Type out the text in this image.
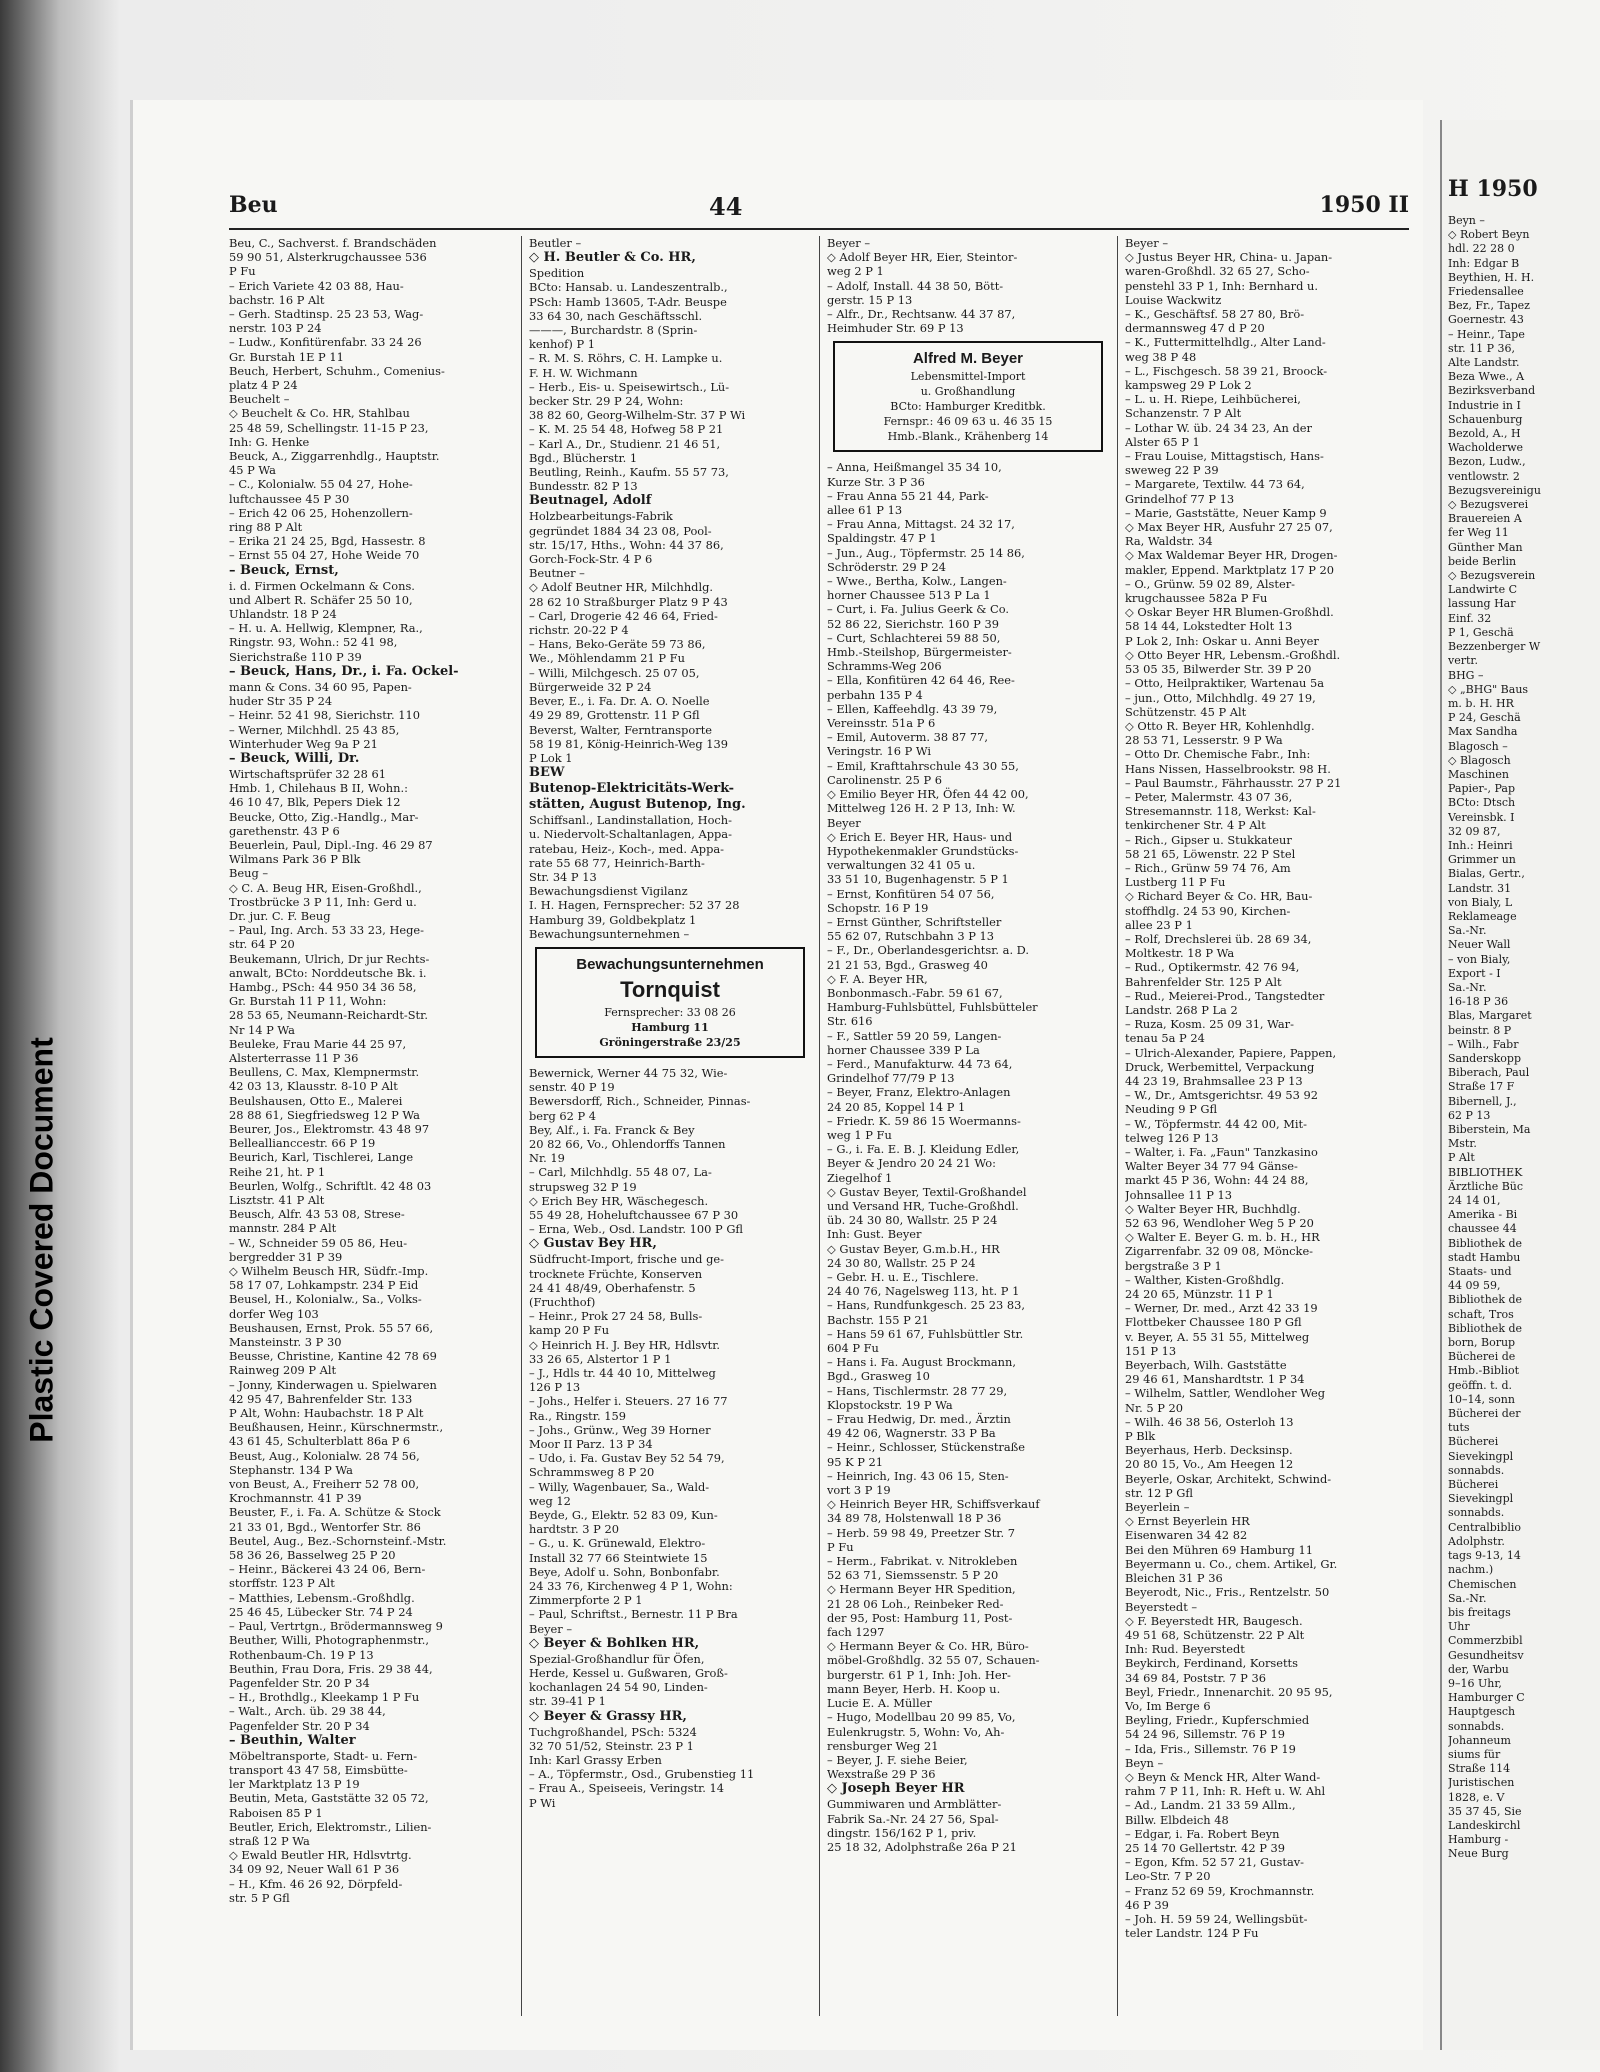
Plastic Covered Document
Beu	44	1950 II
Beu, C., Sachverst. f. Brandschäden
59 90 51, Alsterkrugchaussee 536
P Fu
– Erich Variete 42 03 88, Hau-
bachstr. 16 P Alt
– Gerh. Stadtinsp. 25 23 53, Wag-
nerstr. 103 P 24
– Ludw., Konfitürenfabr. 33 24 26
Gr. Burstah 1E P 11
Beuch, Herbert, Schuhm., Comenius-
platz 4 P 24
Beuchelt –
◇ Beuchelt & Co. HR, Stahlbau
25 48 59, Schellingstr. 11-15 P 23,
Inh: G. Henke
Beuck, A., Ziggarrenhdlg., Hauptstr.
45 P Wa
– C., Kolonialw. 55 04 27, Hohe-
luftchaussee 45 P 30
– Erich 42 06 25, Hohenzollern-
ring 88 P Alt
– Erika 21 24 25, Bgd, Hassestr. 8
– Ernst 55 04 27, Hohe Weide 70
– Beuck, Ernst,
i. d. Firmen Ockelmann & Cons.
und Albert R. Schäfer 25 50 10,
Uhlandstr. 18 P 24
– H. u. A. Hellwig, Klempner, Ra.,
Ringstr. 93, Wohn.: 52 41 98,
Sierichstraße 110 P 39
– Beuck, Hans, Dr., i. Fa. Ockel-
mann & Cons. 34 60 95, Papen-
huder Str 35 P 24
– Heinr. 52 41 98, Sierichstr. 110
– Werner, Milchhdl. 25 43 85,
Winterhuder Weg 9a P 21
– Beuck, Willi, Dr.
Wirtschaftsprüfer 32 28 61
Hmb. 1, Chilehaus B II, Wohn.:
46 10 47, Blk, Pepers Diek 12
Beucke, Otto, Zig.-Handlg., Mar-
garethenstr. 43 P 6
Beuerlein, Paul, Dipl.-Ing. 46 29 87
Wilmans Park 36 P Blk
Beug –
◇ C. A. Beug HR, Eisen-Großhdl.,
Trostbrücke 3 P 11, Inh: Gerd u.
Dr. jur. C. F. Beug
– Paul, Ing. Arch. 53 33 23, Hege-
str. 64 P 20
Beukemann, Ulrich, Dr jur Rechts-
anwalt, BCto: Norddeutsche Bk. i.
Hambg., PSch: 44 950 34 36 58,
Gr. Burstah 11 P 11, Wohn:
28 53 65, Neumann-Reichardt-Str.
Nr 14 P Wa
Beuleke, Frau Marie 44 25 97,
Alsterterrasse 11 P 36
Beullens, C. Max, Klempnermstr.
42 03 13, Klausstr. 8-10 P Alt
Beulshausen, Otto E., Malerei
28 88 61, Siegfriedsweg 12 P Wa
Beurer, Jos., Elektromstr. 43 48 97
Belleallianccestr. 66 P 19
Beurich, Karl, Tischlerei, Lange
Reihe 21, ht. P 1
Beurlen, Wolfg., Schriftlt. 42 48 03
Lisztstr. 41 P Alt
Beusch, Alfr. 43 53 08, Strese-
mannstr. 284 P Alt
– W., Schneider 59 05 86, Heu-
bergredder 31 P 39
◇ Wilhelm Beusch HR, Südfr.-Imp.
58 17 07, Lohkampstr. 234 P Eid
Beusel, H., Kolonialw., Sa., Volks-
dorfer Weg 103
Beushausen, Ernst, Prok. 55 57 66,
Mansteinstr. 3 P 30
Beusse, Christine, Kantine 42 78 69
Rainweg 209 P Alt
– Jonny, Kinderwagen u. Spielwaren
42 95 47, Bahrenfelder Str. 133
P Alt, Wohn: Haubachstr. 18 P Alt
Beußhausen, Heinr., Kürschnermstr.,
43 61 45, Schulterblatt 86a P 6
Beust, Aug., Kolonialw. 28 74 56,
Stephanstr. 134 P Wa
von Beust, A., Freiherr 52 78 00,
Krochmannstr. 41 P 39
Beuster, F., i. Fa. A. Schütze & Stock
21 33 01, Bgd., Wentorfer Str. 86
Beutel, Aug., Bez.-Schornsteinf.-Mstr.
58 36 26, Basselweg 25 P 20
– Heinr., Bäckerei 43 24 06, Bern-
storffstr. 123 P Alt
– Matthies, Lebensm.-Großhdlg.
25 46 45, Lübecker Str. 74 P 24
– Paul, Vertrtgn., Brödermannsweg 9
Beuther, Willi, Photographenmstr.,
Rothenbaum-Ch. 19 P 13
Beuthin, Frau Dora, Fris. 29 38 44,
Pagenfelder Str. 20 P 34
– H., Brothdlg., Kleekamp 1 P Fu
– Walt., Arch. üb. 29 38 44,
Pagenfelder Str. 20 P 34
– Beuthin, Walter
Möbeltransporte, Stadt- u. Fern-
transport 43 47 58, Eimsbütte-
ler Marktplatz 13 P 19
Beutin, Meta, Gaststätte 32 05 72,
Raboisen 85 P 1
Beutler, Erich, Elektromstr., Lilien-
straß 12 P Wa
◇ Ewald Beutler HR, Hdlsvtrtg.
34 09 92, Neuer Wall 61 P 36
– H., Kfm. 46 26 92, Dörpfeld-
str. 5 P Gfl
Beutler –
◇ H. Beutler & Co. HR,
Spedition
BCto: Hansab. u. Landeszentralb.,
PSch: Hamb 13605, T-Adr. Beuspe
33 64 30, nach Geschäftsschl.
———, Burchardstr. 8 (Sprin-
kenhof) P 1
– R. M. S. Röhrs, C. H. Lampke u.
F. H. W. Wichmann
– Herb., Eis- u. Speisewirtsch., Lü-
becker Str. 29 P 24, Wohn:
38 82 60, Georg-Wilhelm-Str. 37 P Wi
– K. M. 25 54 48, Hofweg 58 P 21
– Karl A., Dr., Studienr. 21 46 51,
Bgd., Blücherstr. 1
Beutling, Reinh., Kaufm. 55 57 73,
Bundesstr. 82 P 13
Beutnagel, Adolf
Holzbearbeitungs-Fabrik
gegründet 1884 34 23 08, Pool-
str. 15/17, Hths., Wohn: 44 37 86,
Gorch-Fock-Str. 4 P 6
Beutner –
◇ Adolf Beutner HR, Milchhdlg.
28 62 10 Straßburger Platz 9 P 43
– Carl, Drogerie 42 46 64, Fried-
richstr. 20-22 P 4
– Hans, Beko-Geräte 59 73 86,
We., Möhlendamm 21 P Fu
– Willi, Milchgesch. 25 07 05,
Bürgerweide 32 P 24
Bever, E., i. Fa. Dr. A. O. Noelle
49 29 89, Grottenstr. 11 P Gfl
Beverst, Walter, Ferntransporte
58 19 81, König-Heinrich-Weg 139
P Lok 1
BEW
Butenop-Elektricitäts-Werk-
stätten, August Butenop, Ing.
Schiffsanl., Landinstallation, Hoch-
u. Niedervolt-Schaltanlagen, Appa-
ratebau, Heiz-, Koch-, med. Appa-
rate 55 68 77, Heinrich-Barth-
Str. 34 P 13
Bewachungsdienst Vigilanz
I. H. Hagen, Fernsprecher: 52 37 28
Hamburg 39, Goldbekplatz 1
Bewachungsunternehmen –
Bewachungsunternehmen
Tornquist
Fernsprecher: 33 08 26
Hamburg 11
Gröningerstraße 23/25
Bewernick, Werner 44 75 32, Wie-
senstr. 40 P 19
Bewersdorff, Rich., Schneider, Pinnas-
berg 62 P 4
Bey, Alf., i. Fa. Franck & Bey
20 82 66, Vo., Ohlendorffs Tannen
Nr. 19
– Carl, Milchhdlg. 55 48 07, La-
strupsweg 32 P 19
◇ Erich Bey HR, Wäschegesch.
55 49 28, Hoheluftchaussee 67 P 30
– Erna, Web., Osd. Landstr. 100 P Gfl
◇ Gustav Bey HR,
Südfrucht-Import, frische und ge-
trocknete Früchte, Konserven
24 41 48/49, Oberhafenstr. 5
(Fruchthof)
– Heinr., Prok 27 24 58, Bulls-
kamp 20 P Fu
◇ Heinrich H. J. Bey HR, Hdlsvtr.
33 26 65, Alstertor 1 P 1
– J., Hdls tr. 44 40 10, Mittelweg
126 P 13
– Johs., Helfer i. Steuers. 27 16 77
Ra., Ringstr. 159
– Johs., Grünw., Weg 39 Horner
Moor II Parz. 13 P 34
– Udo, i. Fa. Gustav Bey 52 54 79,
Schrammsweg 8 P 20
– Willy, Wagenbauer, Sa., Wald-
weg 12
Beyde, G., Elektr. 52 83 09, Kun-
hardtstr. 3 P 20
– G., u. K. Grünewald, Elektro-
Install 32 77 66 Steintwiete 15
Beye, Adolf u. Sohn, Bonbonfabr.
24 33 76, Kirchenweg 4 P 1, Wohn:
Zimmerpforte 2 P 1
– Paul, Schriftst., Bernestr. 11 P Bra
Beyer –
◇ Beyer & Bohlken HR,
Spezial-Großhandlur für Öfen,
Herde, Kessel u. Gußwaren, Groß-
kochanlagen 24 54 90, Linden-
str. 39-41 P 1
◇ Beyer & Grassy HR,
Tuchgroßhandel, PSch: 5324
32 70 51/52, Steinstr. 23 P 1
Inh: Karl Grassy Erben
– A., Töpfermstr., Osd., Grubenstieg 11
– Frau A., Speiseeis, Veringstr. 14
P Wi
Beyer –
◇ Adolf Beyer HR, Eier, Steintor-
weg 2 P 1
– Adolf, Install. 44 38 50, Bött-
gerstr. 15 P 13
– Alfr., Dr., Rechtsanw. 44 37 87,
Heimhuder Str. 69 P 13
Alfred M. Beyer
Lebensmittel-Import
u. Großhandlung
BCto: Hamburger Kreditbk.
Fernspr.: 46 09 63 u. 46 35 15
Hmb.-Blank., Krähenberg 14
– Anna, Heißmangel 35 34 10,
Kurze Str. 3 P 36
– Frau Anna 55 21 44, Park-
allee 61 P 13
– Frau Anna, Mittagst. 24 32 17,
Spaldingstr. 47 P 1
– Jun., Aug., Töpfermstr. 25 14 86,
Schröderstr. 29 P 24
– Wwe., Bertha, Kolw., Langen-
horner Chaussee 513 P La 1
– Curt, i. Fa. Julius Geerk & Co.
52 86 22, Sierichstr. 160 P 39
– Curt, Schlachterei 59 88 50,
Hmb.-Steilshop, Bürgermeister-
Schramms-Weg 206
– Ella, Konfitüren 42 64 46, Ree-
perbahn 135 P 4
– Ellen, Kaffeehdlg. 43 39 79,
Vereinsstr. 51a P 6
– Emil, Autoverm. 38 87 77,
Veringstr. 16 P Wi
– Emil, Krafttahrschule 43 30 55,
Carolinenstr. 25 P 6
◇ Emilio Beyer HR, Öfen 44 42 00,
Mittelweg 126 H. 2 P 13, Inh: W.
Beyer
◇ Erich E. Beyer HR, Haus- und
Hypothekenmakler Grundstücks-
verwaltungen 32 41 05 u.
33 51 10, Bugenhagenstr. 5 P 1
– Ernst, Konfitüren 54 07 56,
Schopstr. 16 P 19
– Ernst Günther, Schriftsteller
55 62 07, Rutschbahn 3 P 13
– F., Dr., Oberlandesgerichtsr. a. D.
21 21 53, Bgd., Grasweg 40
◇ F. A. Beyer HR,
Bonbonmasch.-Fabr. 59 61 67,
Hamburg-Fuhlsbüttel, Fuhlsbütteler
Str. 616
– F., Sattler 59 20 59, Langen-
horner Chaussee 339 P La
– Ferd., Manufakturw. 44 73 64,
Grindelhof 77/79 P 13
– Beyer, Franz, Elektro-Anlagen
24 20 85, Koppel 14 P 1
– Friedr. K. 59 86 15 Woermanns-
weg 1 P Fu
– G., i. Fa. E. B. J. Kleidung Edler,
Beyer & Jendro 20 24 21 Wo:
Ziegelhof 1
◇ Gustav Beyer, Textil-Großhandel
und Versand HR, Tuche-Großhdl.
üb. 24 30 80, Wallstr. 25 P 24
Inh: Gust. Beyer
◇ Gustav Beyer, G.m.b.H., HR
24 30 80, Wallstr. 25 P 24
– Gebr. H. u. E., Tischlere.
24 40 76, Nagelsweg 113, ht. P 1
– Hans, Rundfunkgesch. 25 23 83,
Bachstr. 155 P 21
– Hans 59 61 67, Fuhlsbüttler Str.
604 P Fu
– Hans i. Fa. August Brockmann,
Bgd., Grasweg 10
– Hans, Tischlermstr. 28 77 29,
Klopstockstr. 19 P Wa
– Frau Hedwig, Dr. med., Ärztin
49 42 06, Wagnerstr. 33 P Ba
– Heinr., Schlosser, Stückenstraße
95 K P 21
– Heinrich, Ing. 43 06 15, Sten-
vort 3 P 19
◇ Heinrich Beyer HR, Schiffsverkauf
34 89 78, Holstenwall 18 P 36
– Herb. 59 98 49, Preetzer Str. 7
P Fu
– Herm., Fabrikat. v. Nitrokleben
52 63 71, Siemssenstr. 5 P 20
◇ Hermann Beyer HR Spedition,
21 28 06 Loh., Reinbeker Red-
der 95, Post: Hamburg 11, Post-
fach 1297
◇ Hermann Beyer & Co. HR, Büro-
möbel-Großhdlg. 32 55 07, Schauen-
burgerstr. 61 P 1, Inh: Joh. Her-
mann Beyer, Herb. H. Koop u.
Lucie E. A. Müller
– Hugo, Modellbau 20 99 85, Vo,
Eulenkrugstr. 5, Wohn: Vo, Ah-
rensburger Weg 21
– Beyer, J. F. siehe Beier,
Wexstraße 29 P 36
◇ Joseph Beyer HR
Gummiwaren und Armblätter-
Fabrik Sa.-Nr. 24 27 56, Spal-
dingstr. 156/162 P 1, priv.
25 18 32, Adolphstraße 26a P 21
Beyer –
◇ Justus Beyer HR, China- u. Japan-
waren-Großhdl. 32 65 27, Scho-
penstehl 33 P 1, Inh: Bernhard u.
Louise Wackwitz
– K., Geschäftsf. 58 27 80, Brö-
dermannsweg 47 d P 20
– K., Futtermittelhdlg., Alter Land-
weg 38 P 48
– L., Fischgesch. 58 39 21, Broock-
kampsweg 29 P Lok 2
– L. u. H. Riepe, Leihbücherei,
Schanzenstr. 7 P Alt
– Lothar W. üb. 24 34 23, An der
Alster 65 P 1
– Frau Louise, Mittagstisch, Hans-
sweweg 22 P 39
– Margarete, Textilw. 44 73 64,
Grindelhof 77 P 13
– Marie, Gaststätte, Neuer Kamp 9
◇ Max Beyer HR, Ausfuhr 27 25 07,
Ra, Waldstr. 34
◇ Max Waldemar Beyer HR, Drogen-
makler, Eppend. Marktplatz 17 P 20
– O., Grünw. 59 02 89, Alster-
krugchaussee 582a P Fu
◇ Oskar Beyer HR Blumen-Großhdl.
58 14 44, Lokstedter Holt 13
P Lok 2, Inh: Oskar u. Anni Beyer
◇ Otto Beyer HR, Lebensm.-Großhdl.
53 05 35, Bilwerder Str. 39 P 20
– Otto, Heilpraktiker, Wartenau 5a
– jun., Otto, Milchhdlg. 49 27 19,
Schützenstr. 45 P Alt
◇ Otto R. Beyer HR, Kohlenhdlg.
28 53 71, Lesserstr. 9 P Wa
– Otto Dr. Chemische Fabr., Inh:
Hans Nissen, Hasselbrookstr. 98 H.
– Paul Baumstr., Fährhausstr. 27 P 21
– Peter, Malermstr. 43 07 36,
Stresemannstr. 118, Werkst: Kal-
tenkirchener Str. 4 P Alt
– Rich., Gipser u. Stukkateur
58 21 65, Löwenstr. 22 P Stel
– Rich., Grünw 59 74 76, Am
Lustberg 11 P Fu
◇ Richard Beyer & Co. HR, Bau-
stoffhdlg. 24 53 90, Kirchen-
allee 23 P 1
– Rolf, Drechslerei üb. 28 69 34,
Moltkestr. 18 P Wa
– Rud., Optikermstr. 42 76 94,
Bahrenfelder Str. 125 P Alt
– Rud., Meierei-Prod., Tangstedter
Landstr. 268 P La 2
– Ruza, Kosm. 25 09 31, War-
tenau 5a P 24
– Ulrich-Alexander, Papiere, Pappen,
Druck, Werbemittel, Verpackung
44 23 19, Brahmsallee 23 P 13
– W., Dr., Amtsgerichtsr. 49 53 92
Neuding 9 P Gfl
– W., Töpfermstr. 44 42 00, Mit-
telweg 126 P 13
– Walter, i. Fa. „Faun" Tanzkasino
Walter Beyer 34 77 94 Gänse-
markt 45 P 36, Wohn: 44 24 88,
Johnsallee 11 P 13
◇ Walter Beyer HR, Buchhdlg.
52 63 96, Wendloher Weg 5 P 20
◇ Walter E. Beyer G. m. b. H., HR
Zigarrenfabr. 32 09 08, Möncke-
bergstraße 3 P 1
– Walther, Kisten-Großhdlg.
24 20 65, Münzstr. 11 P 1
– Werner, Dr. med., Arzt 42 33 19
Flottbeker Chaussee 180 P Gfl
v. Beyer, A. 55 31 55, Mittelweg
151 P 13
Beyerbach, Wilh. Gaststätte
29 46 61, Manshardtstr. 1 P 34
– Wilhelm, Sattler, Wendloher Weg
Nr. 5 P 20
– Wilh. 46 38 56, Osterloh 13
P Blk
Beyerhaus, Herb. Decksinsp.
20 80 15, Vo., Am Heegen 12
Beyerle, Oskar, Architekt, Schwind-
str. 12 P Gfl
Beyerlein –
◇ Ernst Beyerlein HR
Eisenwaren 34 42 82
Bei den Mühren 69 Hamburg 11
Beyermann u. Co., chem. Artikel, Gr.
Bleichen 31 P 36
Beyerodt, Nic., Fris., Rentzelstr. 50
Beyerstedt –
◇ F. Beyerstedt HR, Baugesch.
49 51 68, Schützenstr. 22 P Alt
Inh: Rud. Beyerstedt
Beykirch, Ferdinand, Korsetts
34 69 84, Poststr. 7 P 36
Beyl, Friedr., Innenarchit. 20 95 95,
Vo, Im Berge 6
Beyling, Friedr., Kupferschmied
54 24 96, Sillemstr. 76 P 19
– Ida, Fris., Sillemstr. 76 P 19
Beyn –
◇ Beyn & Menck HR, Alter Wand-
rahm 7 P 11, Inh: R. Heft u. W. Ahl
– Ad., Landm. 21 33 59 Allm.,
Billw. Elbdeich 48
– Edgar, i. Fa. Robert Beyn
25 14 70 Gellertstr. 42 P 39
– Egon, Kfm. 52 57 21, Gustav-
Leo-Str. 7 P 20
– Franz 52 69 59, Krochmannstr.
46 P 39
– Joh. H. 59 59 24, Wellingsbüt-
teler Landstr. 124 P Fu
H 1950
Beyn –
◇ Robert Beyn
hdl. 22 28 0
Inh: Edgar B
Beythien, H. H.
Friedensallee
Bez, Fr., Tapez
Goernestr. 43
– Heinr., Tape
str. 11 P 36,
Alte Landstr.
Beza Wwe., A
Bezirksverband
Industrie in I
Schauenburg
Bezold, A., H
Wacholderwe
Bezon, Ludw.,
ventlowstr. 2
Bezugsvereinigu
◇ Bezugsverei
Brauereien A
fer Weg 11
Günther Man
beide Berlin
◇ Bezugsverein
Landwirte C
lassung Har
Einf. 32
P 1, Geschä
Bezzenberger W
vertr.
BHG –
◇ „BHG" Baus
m. b. H. HR
P 24, Geschä
Max Sandha
Blagosch –
◇ Blagosch
Maschinen
Papier-, Pap
BCto: Dtsch
Vereinsbk. I
32 09 87,
Inh.: Heinri
Grimmer un
Bialas, Gertr.,
Landstr. 31
von Bialy, L
Reklameage
Sa.-Nr.
Neuer Wall
– von Bialy,
Export - I
Sa.-Nr.
16-18 P 36
Blas, Margaret
beinstr. 8 P
– Wilh., Fabr
Sanderskopp
Biberach, Paul
Straße 17 F
Bibernell, J.,
62 P 13
Biberstein, Ma
Mstr.
P Alt
BIBLIOTHEK
Ärztliche Büc
24 14 01,
Amerika - Bi
chaussee 44
Bibliothek de
stadt Hambu
Staats- und
44 09 59,
Bibliothek de
schaft, Tros
Bibliothek de
born, Borup
Bücherei de
Hmb.-Bibliot
geöffn. t. d.
10–14, sonn
Bücherei der
tuts
Bücherei
Sievekingpl
sonnabds.
Bücherei
Sievekingpl
sonnabds.
Centralbiblio
Adolphstr.
tags 9-13, 14
nachm.)
Chemischen
Sa.-Nr.
bis freitags
Uhr
Commerzbibl
Gesundheitsv
der, Warbu
9–16 Uhr,
Hamburger C
Hauptgesch
sonnabds.
Johanneum
siums für
Straße 114
Juristischen
1828, e. V
35 37 45, Sie
Landeskirchl
Hamburg -
Neue Burg
